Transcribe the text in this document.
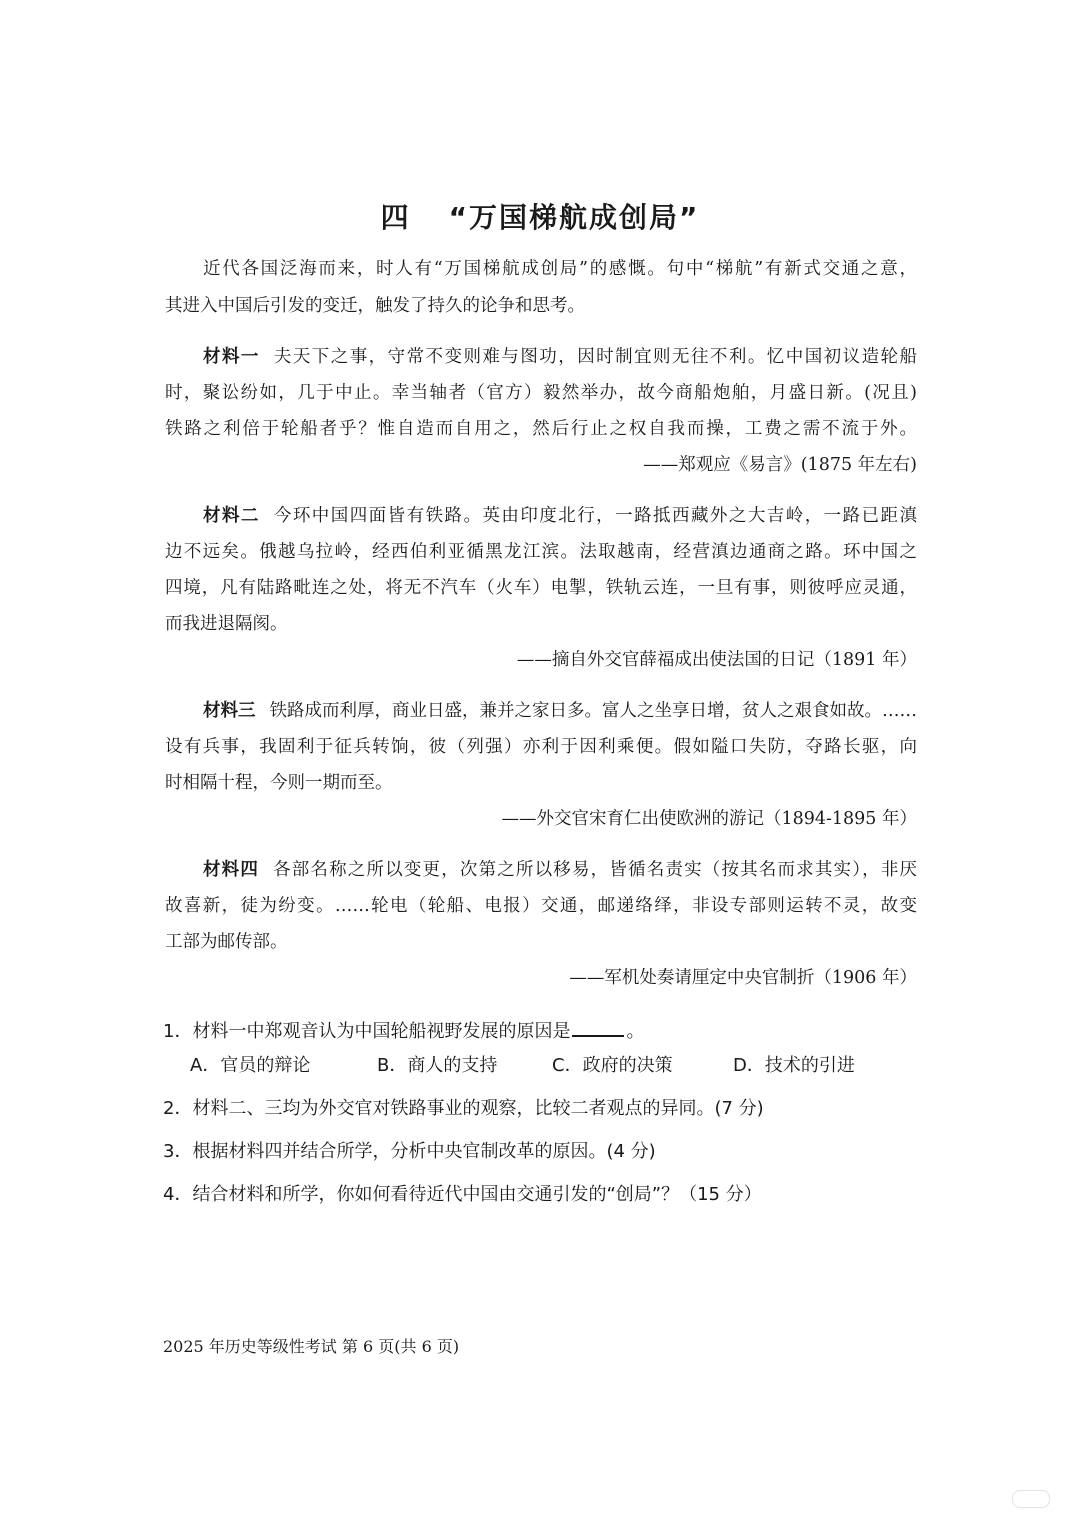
四 “万国梯航成创局”
近代各国泛海而来，时人有“万国梯航成创局”的感慨。句中“梯航”有新式交通之意，
其进入中国后引发的变迁，触发了持久的论争和思考。
材料一 夫天下之事，守常不变则难与图功，因时制宜则无往不利。忆中国初议造轮船
时，聚讼纷如，几于中止。幸当轴者（官方）毅然举办，故今商船炮舶，月盛日新。(况且)
铁路之利倍于轮船者乎？惟自造而自用之，然后行止之权自我而操，工费之需不流于外。
——郑观应《易言》(1875 年左右)
材料二 今环中国四面皆有铁路。英由印度北行，一路抵西藏外之大吉岭，一路已距滇
边不远矣。俄越乌拉岭，经西伯利亚循黑龙江滨。法取越南，经营滇边通商之路。环中国之
四境，凡有陆路毗连之处，将无不汽车（火车）电掣，铁轨云连，一旦有事，则彼呼应灵通，
而我进退隔阂。
——摘自外交官薛福成出使法国的日记（1891 年）
材料三 铁路成而利厚，商业日盛，兼并之家日多。富人之坐享日增，贫人之艰食如故。……
设有兵事，我固利于征兵转饷，彼（列强）亦利于因利乘便。假如隘口失防，夺路长驱，向
时相隔十程，今则一期而至。
——外交官宋育仁出使欧洲的游记（1894-1895 年）
材料四 各部名称之所以变更，次第之所以移易，皆循名责实（按其名而求其实），非厌
故喜新，徒为纷变。……轮电（轮船、电报）交通，邮递络绎，非设专部则运转不灵，故变
工部为邮传部。
——军机处奏请厘定中央官制折（1906 年）
1．材料一中郑观音认为中国轮船视野发展的原因是	。
A．官员的辩论	B．商人的支持	C．政府的决策	D．技术的引进
2．材料二、三均为外交官对铁路事业的观察，比较二者观点的异同。(7 分)
3．根据材料四并结合所学，分析中央官制改革的原因。(4 分)
4．结合材料和所学，你如何看待近代中国由交通引发的“创局”？（15 分）
2025 年历史等级性考试 第 6 页(共 6 页)
